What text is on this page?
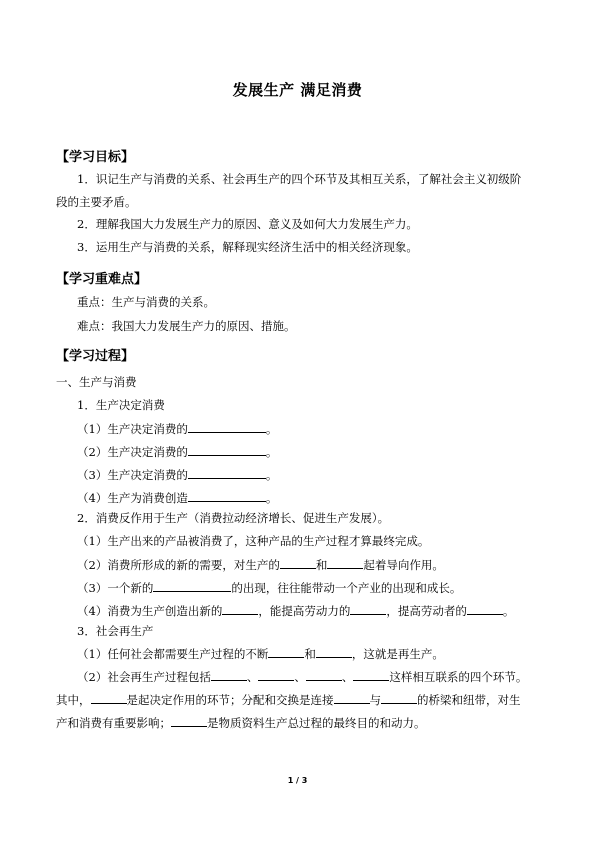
发展生产 满足消费
【学习目标】
1．识记生产与消费的关系、社会再生产的四个环节及其相互关系，了解社会主义初级阶
段的主要矛盾。
2．理解我国大力发展生产力的原因、意义及如何大力发展生产力。
3．运用生产与消费的关系，解释现实经济生活中的相关经济现象。
【学习重难点】
重点：生产与消费的关系。
难点：我国大力发展生产力的原因、措施。
【学习过程】
一、生产与消费
1．生产决定消费
（1）生产决定消费的	。
（2）生产决定消费的	。
（3）生产决定消费的	。
（4）生产为消费创造	。
2．消费反作用于生产（消费拉动经济增长、促进生产发展）。
（1）生产出来的产品被消费了，这种产品的生产过程才算最终完成。
（2）消费所形成的新的需要，对生产的	和	起着导向作用。
（3）一个新的	的出现，往往能带动一个产业的出现和成长。
（4）消费为生产创造出新的	，能提高劳动力的	，提高劳动者的	。
3．社会再生产
（1）任何社会都需要生产过程的不断	和	，这就是再生产。
（2）社会再生产过程包括	、	、	、	这样相互联系的四个环节。
其中，	是起决定作用的环节；分配和交换是连接	与	的桥梁和纽带，对生
产和消费有重要影响；	是物质资料生产总过程的最终目的和动力。
1 / 3
